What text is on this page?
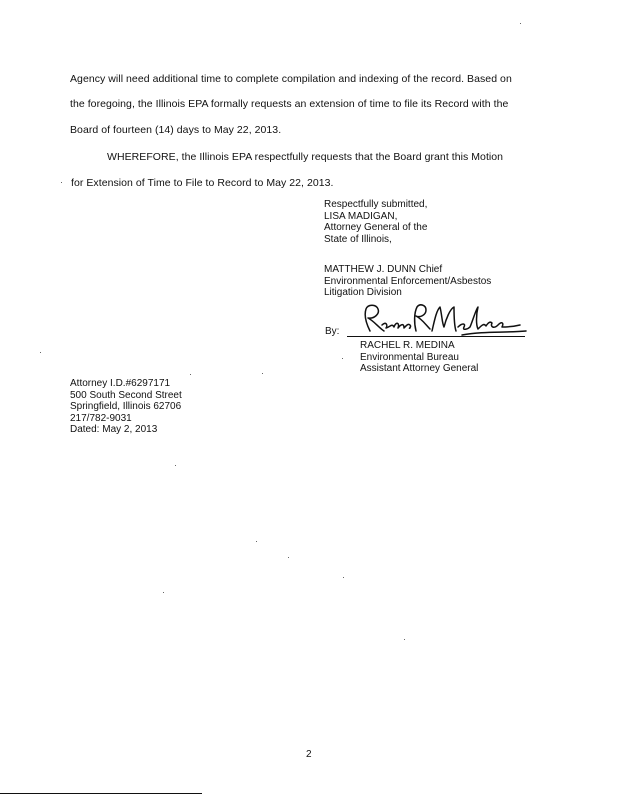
Agency will need additional time to complete compilation and indexing of the record. Based on
the foregoing, the Illinois EPA formally requests an extension of time to file its Record with the
Board of fourteen (14) days to May 22, 2013.
WHEREFORE, the Illinois EPA respectfully requests that the Board grant this Motion
for Extension of Time to File to Record to May 22, 2013.
Respectfully submitted,
LISA MADIGAN,
Attorney General of the
State of Illinois,
MATTHEW J. DUNN Chief
Environmental Enforcement/Asbestos
Litigation Division
By:
RACHEL R. MEDINA
Environmental Bureau
Assistant Attorney General
Attorney I.D.#6297171
500 South Second Street
Springfield, Illinois 62706
217/782-9031
Dated: May 2, 2013
2
